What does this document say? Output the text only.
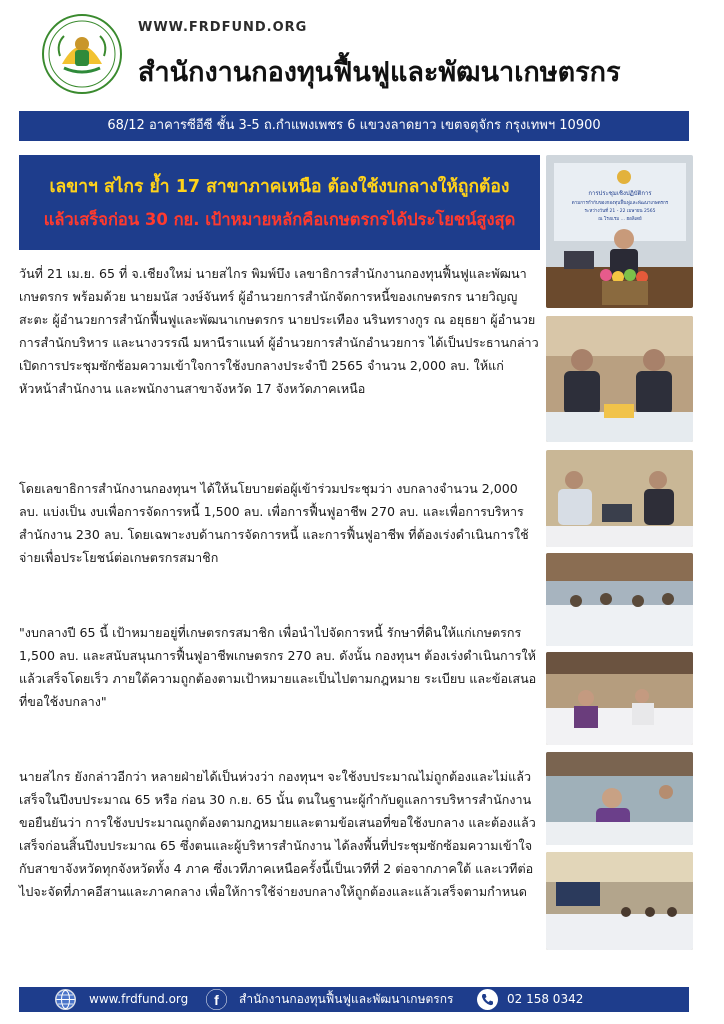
WWW.FRDFUND.ORG
สำนักงานกองทุนฟื้นฟูและพัฒนาเกษตรกร
68/12 อาคารซีอีซี ชั้น 3-5 ถ.กำแพงเพชร 6 แขวงลาดยาว เขตจตุจักร กรุงเทพฯ 10900
เลขาฯ สไกร ย้ำ 17 สาขาภาคเหนือ ต้องใช้งบกลางให้ถูกต้อง
แล้วเสร็จก่อน 30 กย. เป้าหมายหลักคือเกษตรกรได้ประโยชน์สูงสุด
วันที่ 21 เม.ย. 65 ที่ จ.เชียงใหม่ นายสไกร พิมพ์บึง เลขาธิการสำนักงานกองทุนฟื้นฟูและพัฒนาเกษตรกร พร้อมด้วย นายมนัส วงษ์จันทร์ ผู้อำนวยการสำนักจัดการหนี้ของเกษตรกร นายวิญญู สะตะ ผู้อำนวยการสำนักฟื้นฟูและพัฒนาเกษตรกร นายประเทือง นรินทรางกูร ณ อยุธยา ผู้อำนวยการสำนักบริหาร และนางวรรณี มหานีราแนท์ ผู้อำนวยการสำนักอำนวยการ ได้เป็นประธานกล่าวเปิดการประชุมซักซ้อมความเข้าใจการใช้งบกลางประจำปี 2565 จำนวน 2,000 ลบ. ให้แก่หัวหน้าสำนักงาน และพนักงานสาขาจังหวัด 17 จังหวัดภาคเหนือ
โดยเลขาธิการสำนักงานกองทุนฯ ได้ให้นโยบายต่อผู้เข้าร่วมประชุมว่า งบกลางจำนวน 2,000 ลบ. แบ่งเป็น งบเพื่อการจัดการหนี้ 1,500 ลบ. เพื่อการฟื้นฟูอาชีพ 270 ลบ. และเพื่อการบริหารสำนักงาน 230 ลบ. โดยเฉพาะงบด้านการจัดการหนี้ และการฟื้นฟูอาชีพ ที่ต้องเร่งดำเนินการใช้จ่ายเพื่อประโยชน์ต่อเกษตรกรสมาชิก
"งบกลางปี 65 นี้ เป้าหมายอยู่ที่เกษตรกรสมาชิก เพื่อนำไปจัดการหนี้ รักษาที่ดินให้แก่เกษตรกร 1,500 ลบ. และสนับสนุนการฟื้นฟูอาชีพเกษตรกร 270 ลบ. ดังนั้น กองทุนฯ ต้องเร่งดำเนินการให้แล้วเสร็จโดยเร็ว ภายใต้ความถูกต้องตามเป้าหมายและเป็นไปตามกฎหมาย ระเบียบ และข้อเสนอที่ขอใช้งบกลาง"
นายสไกร ยังกล่าวอีกว่า หลายฝ่ายได้เป็นห่วงว่า กองทุนฯ จะใช้งบประมาณไม่ถูกต้องและไม่แล้วเสร็จในปีงบประมาณ 65 หรือ ก่อน 30 ก.ย. 65 นั้น ตนในฐานะผู้กำกับดูแลการบริหารสำนักงาน ขอยืนยันว่า การใช้งบประมาณถูกต้องตามกฎหมายและตามข้อเสนอที่ขอใช้งบกลาง และต้องแล้วเสร็จก่อนสิ้นปีงบประมาณ 65 ซึ่งตนและผู้บริหารสำนักงาน ได้ลงพื้นที่ประชุมซักซ้อมความเข้าใจกับสาขาจังหวัดทุกจังหวัดทั้ง 4 ภาค ซึ่งเวทีภาคเหนือครั้งนี้เป็นเวทีที่ 2 ต่อจากภาคใต้ และเวทีต่อไปจะจัดที่ภาคอีสานและภาคกลาง เพื่อให้การใช้จ่ายงบกลางให้ถูกต้องและแล้วเสร็จตามกำหนด
การประชุมเชิงปฏิบัติการ
ตามการกำกับของกองทุนฟื้นฟูและพัฒนาเกษตรกร
ระหว่างวันที่ 21 - 22 เมษายน 2565
ณ โรงแรม ... ฮอลิเดย์
www.frdfund.org f สำนักงานกองทุนฟื้นฟูและพัฒนาเกษตรกร	02 158 0342
